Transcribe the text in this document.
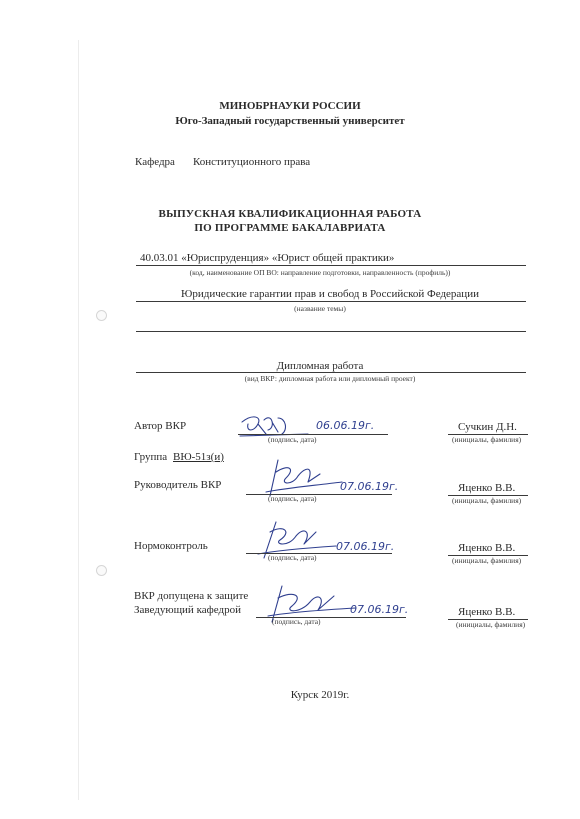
МИНОБРНАУКИ РОССИИ
Юго-Западный государственный университет
Кафедра Конституционного права
ВЫПУСКНАЯ КВАЛИФИКАЦИОННАЯ РАБОТА
ПО ПРОГРАММЕ БАКАЛАВРИАТА
40.03.01 «Юриспруденция» «Юрист общей практики»
(код, наименование ОП ВО: направление подготовки, направленность (профиль))
Юридические гарантии прав и свобод в Российской Федерации
(название темы)
Дипломная работа
(вид ВКР: дипломная работа или дипломный проект)
Автор ВКР	06.06.19г.
(подпись, дата)
Сучкин Д.Н.
(инициалы, фамилия)
Группа ВЮ-51з(и)
Руководитель ВКР	07.06.19г.
(подпись, дата)
Яценко В.В.
(инициалы, фамилия)
Нормоконтроль	07.06.19г.
(подпись, дата)
Яценко В.В.
(инициалы, фамилия)
ВКР допущена к защите
Заведующий кафедрой	07.06.19г.
(подпись, дата)
Яценко В.В.
(инициалы, фамилия)
Курск 2019г.
